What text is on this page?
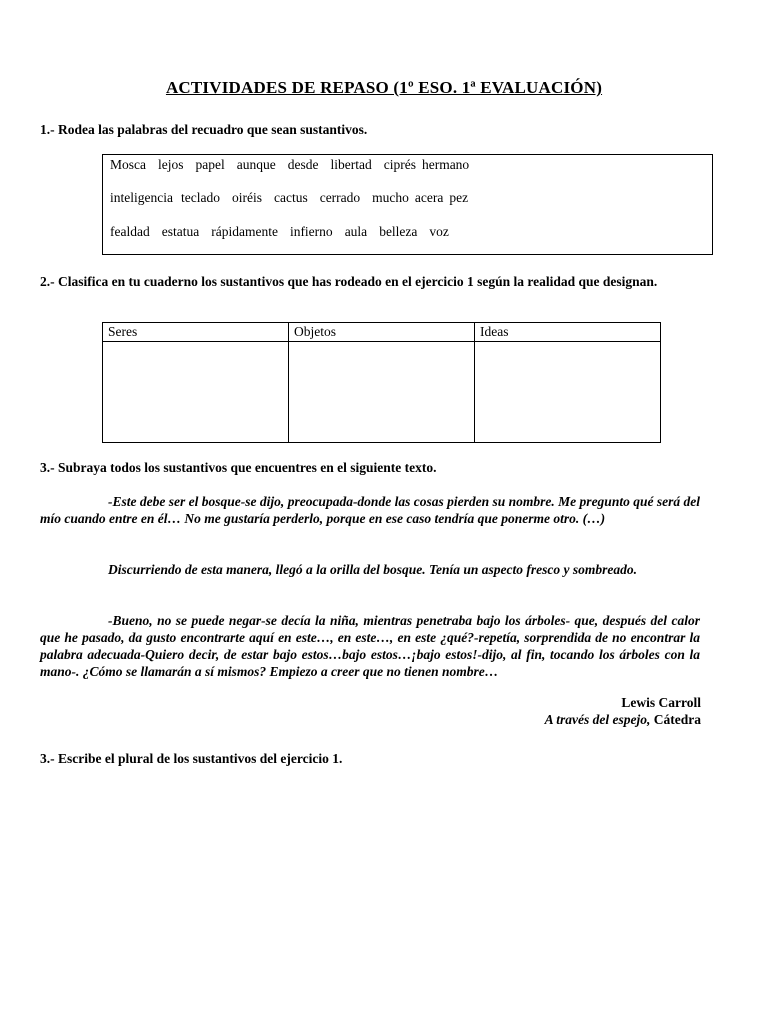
ACTIVIDADES DE REPASO (1º ESO. 1ª EVALUACIÓN)
1.- Rodea las palabras del recuadro que sean sustantivos.
Mosca lejos papel aunque desde libertad ciprés hermano
inteligencia teclado oiréis cactus cerrado mucho acera pez
fealdad estatua rápidamente infierno aula belleza voz
2.- Clasifica en tu cuaderno los sustantivos que has rodeado en el ejercicio 1 según la realidad que designan.
Seres	Objetos	Ideas

3.- Subraya todos los sustantivos que encuentres en el siguiente texto.
-Este debe ser el bosque-se dijo, preocupada-donde las cosas pierden su nombre. Me pregunto qué será del mío cuando entre en él… No me gustaría perderlo, porque en ese caso tendría que ponerme otro. (…)
Discurriendo de esta manera, llegó a la orilla del bosque. Tenía un aspecto fresco y sombreado.
-Bueno, no se puede negar-se decía la niña, mientras penetraba bajo los árboles- que, después del calor que he pasado, da gusto encontrarte aquí en este…, en este…, en este ¿qué?-repetía, sorprendida de no encontrar la palabra adecuada-Quiero decir, de estar bajo estos…bajo estos…¡bajo estos!-dijo, al fin, tocando los árboles con la mano-. ¿Cómo se llamarán a sí mismos? Empiezo a creer que no tienen nombre…
Lewis Carroll
A través del espejo, Cátedra
3.- Escribe el plural de los sustantivos del ejercicio 1.
